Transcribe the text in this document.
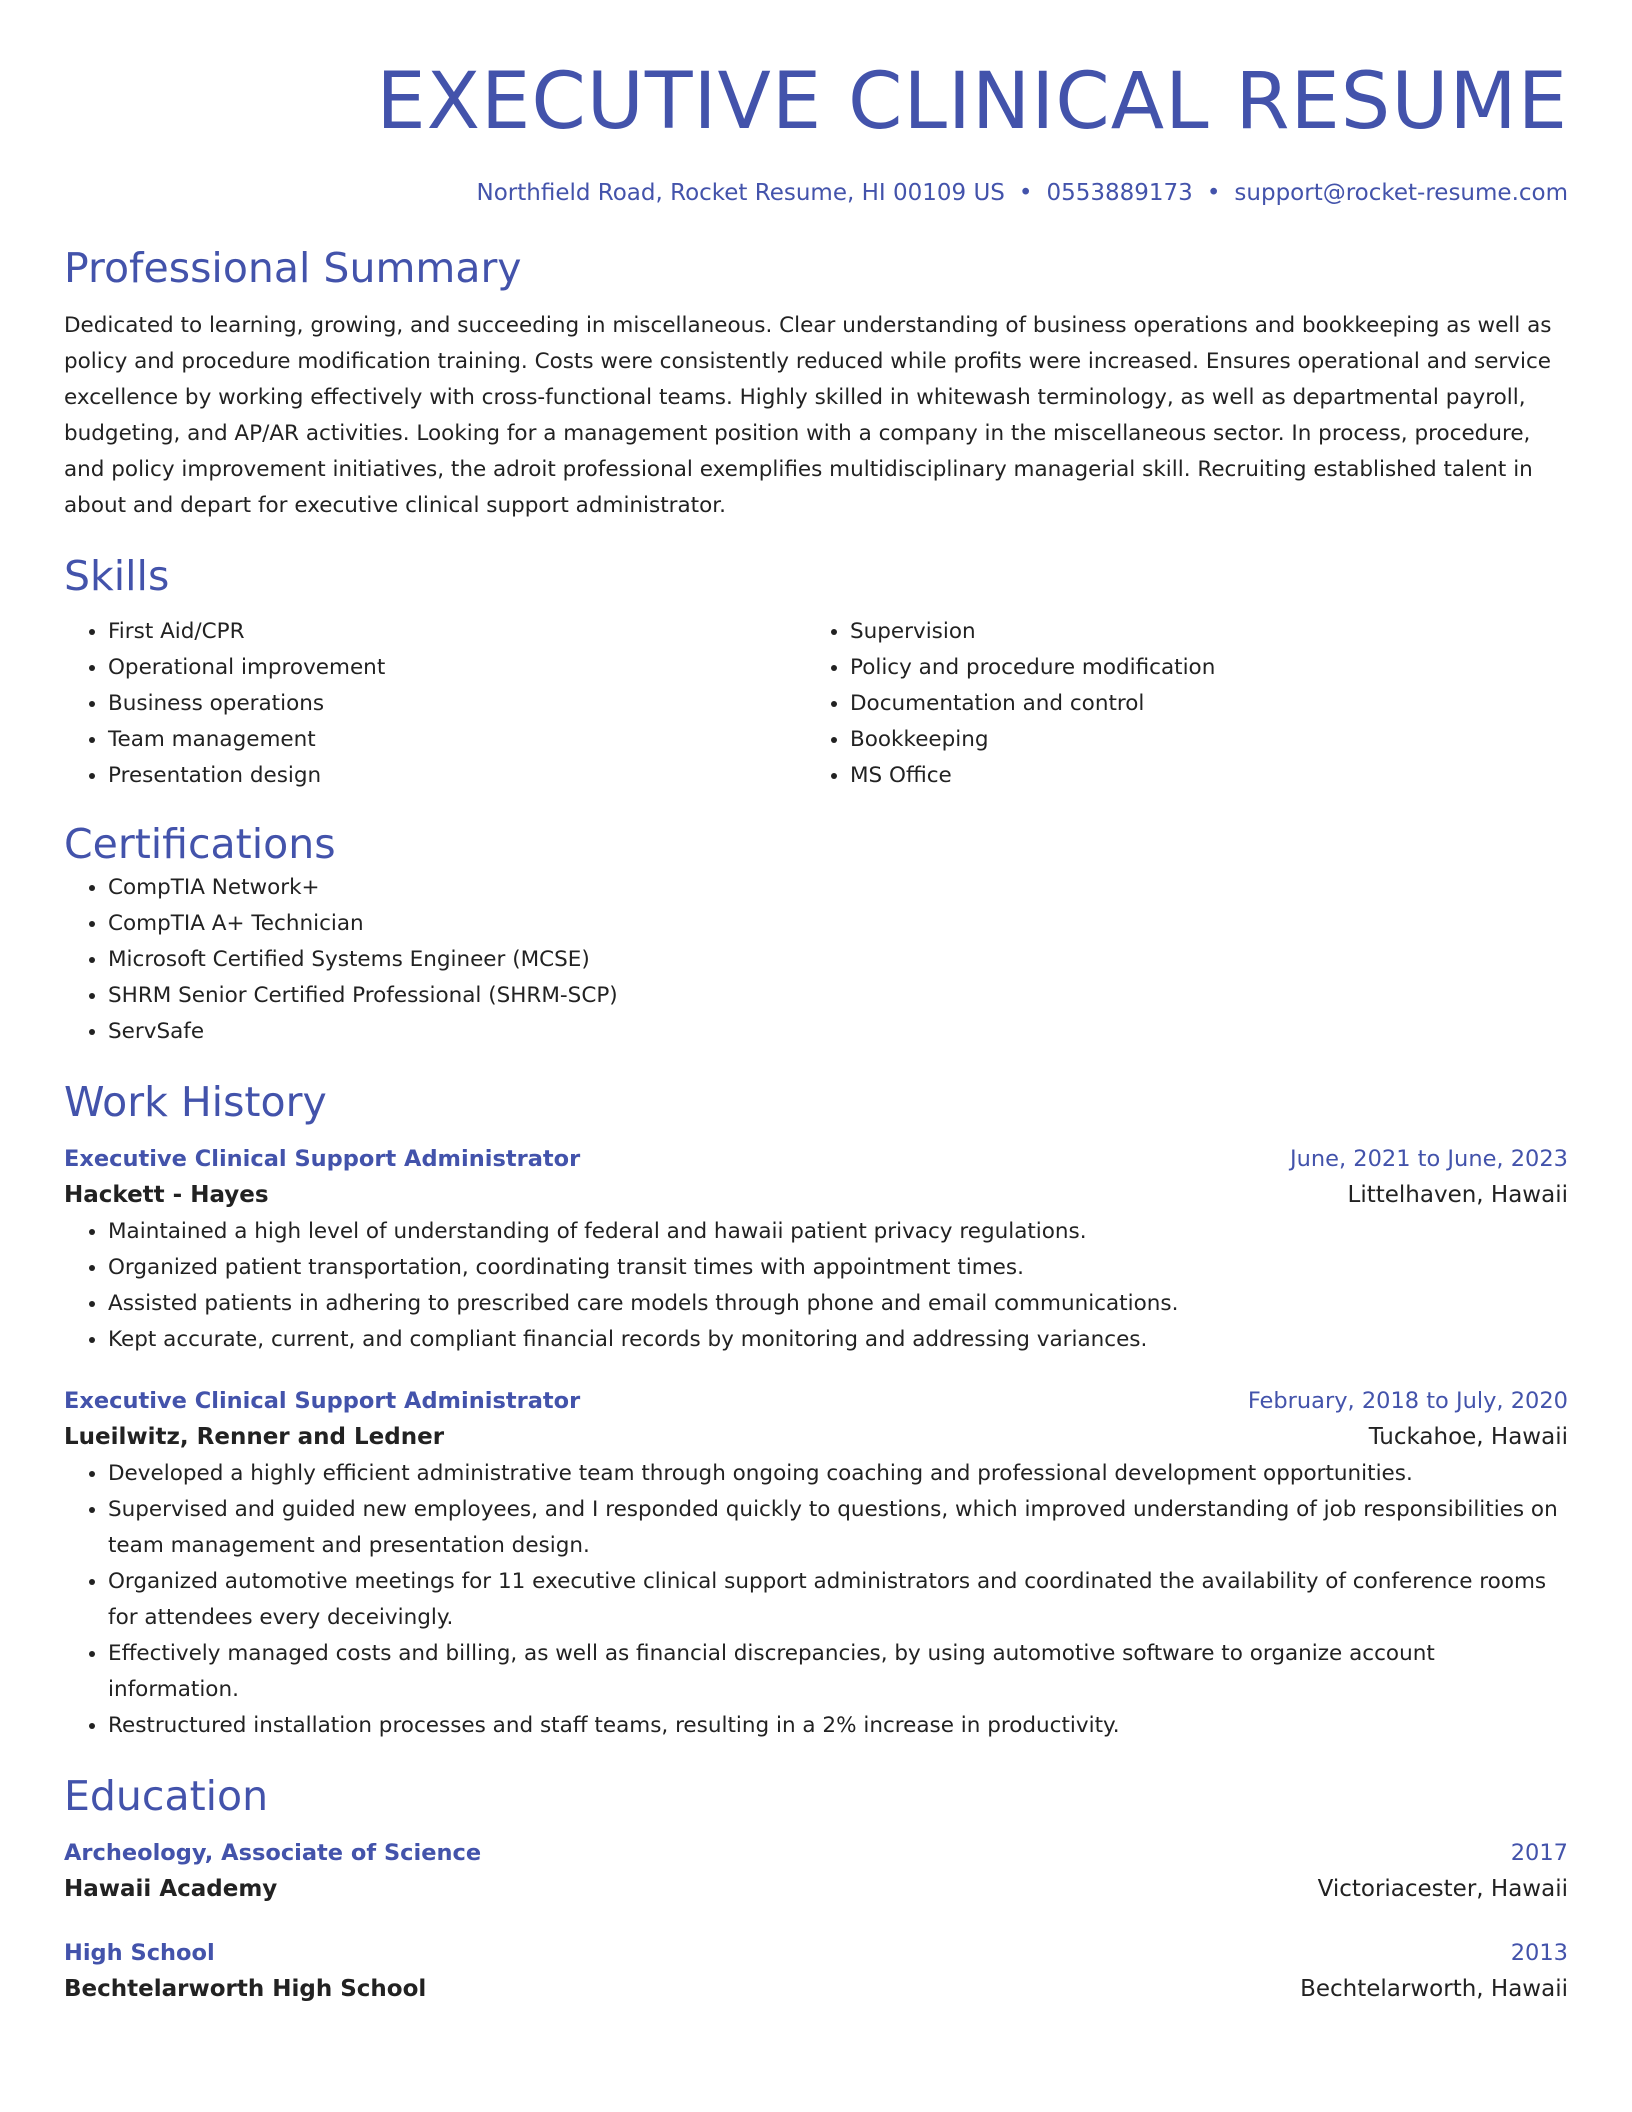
EXECUTIVE CLINICAL RESUME
Northfield Road, Rocket Resume, HI 00109 US • 0553889173 • support@rocket-resume.com
Professional Summary

Dedicated to learning, growing, and succeeding in miscellaneous. Clear understanding of business operations and bookkeeping as well as policy and procedure modification training. Costs were consistently reduced while profits were increased. Ensures operational and service excellence by working effectively with cross-functional teams. Highly skilled in whitewash terminology, as well as departmental payroll, budgeting, and AP/AR activities. Looking for a management position with a company in the miscellaneous sector. In process, procedure, and policy improvement initiatives, the adroit professional exemplifies multidisciplinary managerial skill. Recruiting established talent in about and depart for executive clinical support administrator.

Skills
• First Aid/CPR
• Operational improvement
• Business operations
• Team management
• Presentation design
• Supervision
• Policy and procedure modification
• Documentation and control
• Bookkeeping
• MS Office
Certifications
• CompTIA Network+
• CompTIA A+ Technician
• Microsoft Certified Systems Engineer (MCSE)
• SHRM Senior Certified Professional (SHRM-SCP)
• ServSafe
Work History
Executive Clinical Support Administrator	June, 2021 to June, 2023
Hackett - Hayes	Littelhaven, Hawaii
• Maintained a high level of understanding of federal and hawaii patient privacy regulations.
• Organized patient transportation, coordinating transit times with appointment times.
• Assisted patients in adhering to prescribed care models through phone and email communications.
• Kept accurate, current, and compliant financial records by monitoring and addressing variances.
Executive Clinical Support Administrator	February, 2018 to July, 2020
Lueilwitz, Renner and Ledner	Tuckahoe, Hawaii
• Developed a highly efficient administrative team through ongoing coaching and professional development opportunities.
• Supervised and guided new employees, and I responded quickly to questions, which improved understanding of job responsibilities on team management and presentation design.
• Organized automotive meetings for 11 executive clinical support administrators and coordinated the availability of conference rooms for attendees every deceivingly.
• Effectively managed costs and billing, as well as financial discrepancies, by using automotive software to organize account information.
• Restructured installation processes and staff teams, resulting in a 2% increase in productivity.
Education
Archeology, Associate of Science	2017
Hawaii Academy	Victoriacester, Hawaii
High School	2013
Bechtelarworth High School	Bechtelarworth, Hawaii
